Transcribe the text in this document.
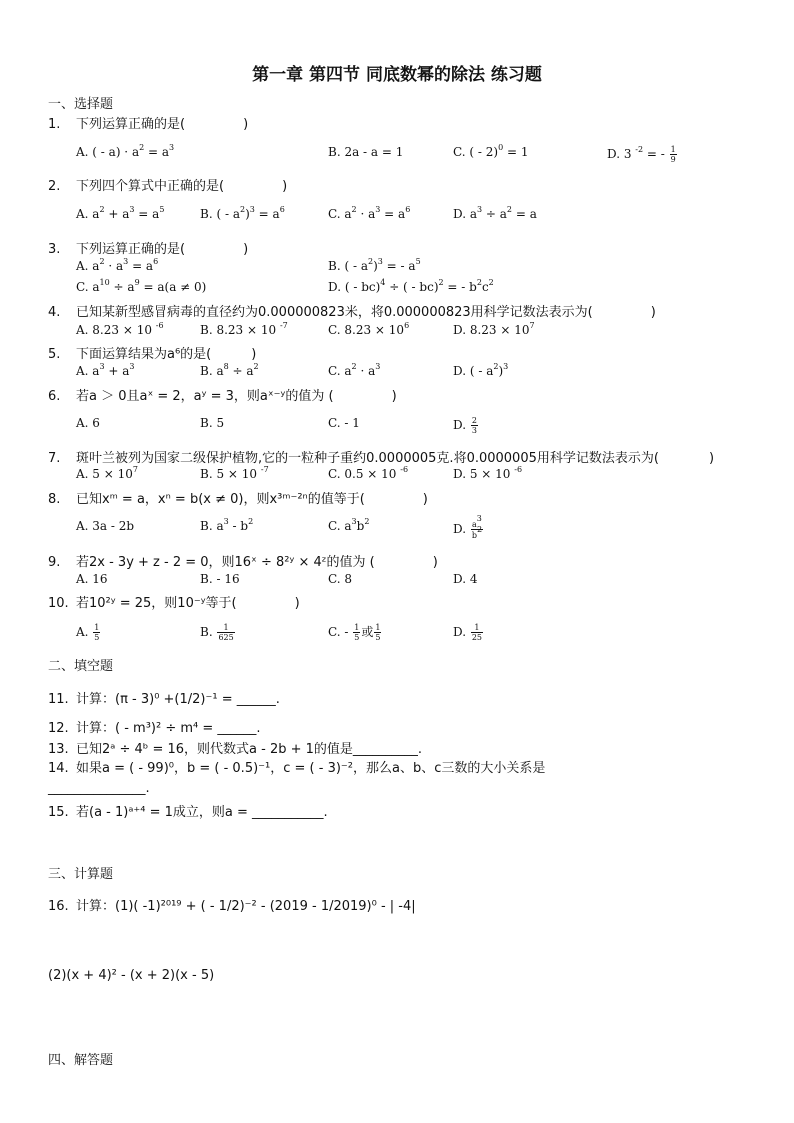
第一章 第四节 同底数幂的除法 练习题
一、选择题
1. 下列运算正确的是(	)
A. ( - $a) \cdot a^2 = a^3$	B. 2a - a = 1	C. ( - 2)$^0$ = 1	D. 3 $^{-2}$ = - $\frac{1}{9}$
2. 下列四个算式中正确的是(	)
A. $a^2 + a^3 = a^5$	B. ( - $a^2)^3 = a^6$	C. $a^2 \cdot a^3 = a^6$	D. $a^3 \div a^2 = a$
3. 下列运算正确的是(	)
A. $a^2 \cdot a^3 = a^6$	B. ( - $a^2)^3$ = - $a^5$
C. $a^{10} \div a^9 = a(a \ne 0)$	D. ( - bc)$^4$ ÷ ( - bc)$^2$ = - $b^2c^2$
4. 已知某新型感冒病毒的直径约为0.000000823米，将0.000000823用科学记数法表示为(	)
A. 8.23 × 10 $^{-6}$	B. 8.23 × 10 $^{-7}$	C. $8.23 \times 10^6$	D. $8.23 \times 10^7$
5. 下面运算结果为a⁶的是(	)
A. $a^3 + a^3$	B. $a^8 \div a^2$	C. $a^2 \cdot a^3$	D. ( - $a^2)^3$
6. 若a ＞ 0且aˣ = 2，aʸ = 3，则aˣ⁻ʸ的值为 (	)
A. 6	B. 5	C. - 1	D. $\frac{2}{3}$
7. 斑叶兰被列为国家二级保护植物,它的一粒种子重约0.0000005克.将0.0000005用科学记数法表示为(	)
A. $5 \times 10^7$	B. 5 × 10 $^{-7}$	C. 0.5 × 10 $^{-6}$	D. 5 × 10 $^{-6}$
8. 已知xᵐ = a，xⁿ = b(x ≠ 0)，则x³ᵐ⁻²ⁿ的值等于(	)
A. 3a - 2b	B. $a^3 - b^2$	C. $a^3b^2$
D. $\frac{a^3}{b^2}$
9. 若2x - 3y + z - 2 = 0，则16ˣ ÷ 8²ʸ × 4ᶻ的值为 (	)
A. 16	B. - 16	C. 8	D. 4
10. 若10²ʸ = 25，则10⁻ʸ等于(	)
A. $\frac{1}{5}$	B. $\frac{1}{625}$	C. - $\frac{1}{5}$ 或 $\frac{1}{5}$	D. $\frac{1}{25}$
二、填空题
11. 计算：(π - 3)⁰ +(1/2)⁻¹ = ______.
12. 计算：( - m³)² ÷ m⁴ = ______.
13. 已知2ᵃ ÷ 4ᵇ = 16，则代数式a - 2b + 1的值是__________.
14. 如果a = ( - 99)⁰，b = ( - 0.5)⁻¹，c = ( - 3)⁻²，那么a、b、c三数的大小关系是_______________.
15. 若(a - 1)ᵃ⁺⁴ = 1成立，则a = ___________.
三、计算题
16. 计算：(1)( -1)²⁰¹⁹ + ( - 1/2)⁻² - (2019 - 1/2019)⁰ - | -4|
(2)(x + 4)² - (x + 2)(x - 5)
四、解答题
